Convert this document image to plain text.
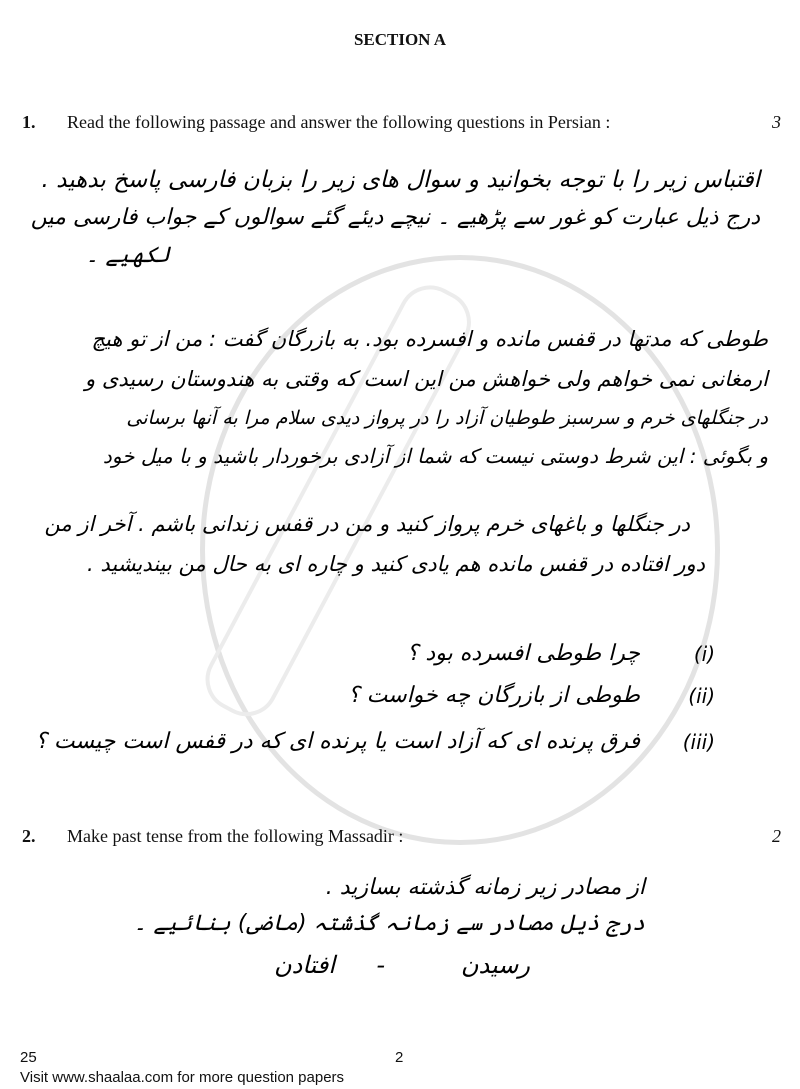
SECTION A
1. Read the following passage and answer the following questions in Persian :	3
اقتباس زیر را با توجه بخوانید و سوال های زیر را بزبان فارسی پاسخ بدهید .
درج ذیل عبارت کو غور سے پڑھیے ۔ نیچے دیئے گئے سوالوں کے جواب فارسی میں
لکھیے ۔
طوطی که مدتها در قفس مانده و افسرده بود. به بازرگان گفت : من از تو هیچ
ارمغانی نمی خواهم ولی خواهش من این است که وقتی به هندوستان رسیدی و
در جنگلهای خرم و سرسبز طوطیان آزاد را در پرواز دیدی سلام مرا به آنها برسانی
و بگوئی : این شرط دوستی نیست که شما از آزادی برخوردار باشید و با میل خود
در جنگلها و باغهای خرم پرواز کنید و من در قفس زندانی باشم . آخر از من
دور افتاده در قفس مانده هم یادی کنید و چاره ای به حال من بیندیشید .
(i)
چرا طوطی افسرده بود ؟
(ii)
طوطی از بازرگان چه خواست ؟
(iii)
فرق پرنده ای که آزاد است یا پرنده ای که در قفس است چیست ؟
2. Make past tense from the following Massadir :	2
از مصادر زیر زمانه گذشته بسازید .
درج ذیل مصادر سے زمانہ گذشتہ (ماضی) بنائیے ۔
رسیدن
-
افتادن
25	2
Visit www.shaalaa.com for more question papers
